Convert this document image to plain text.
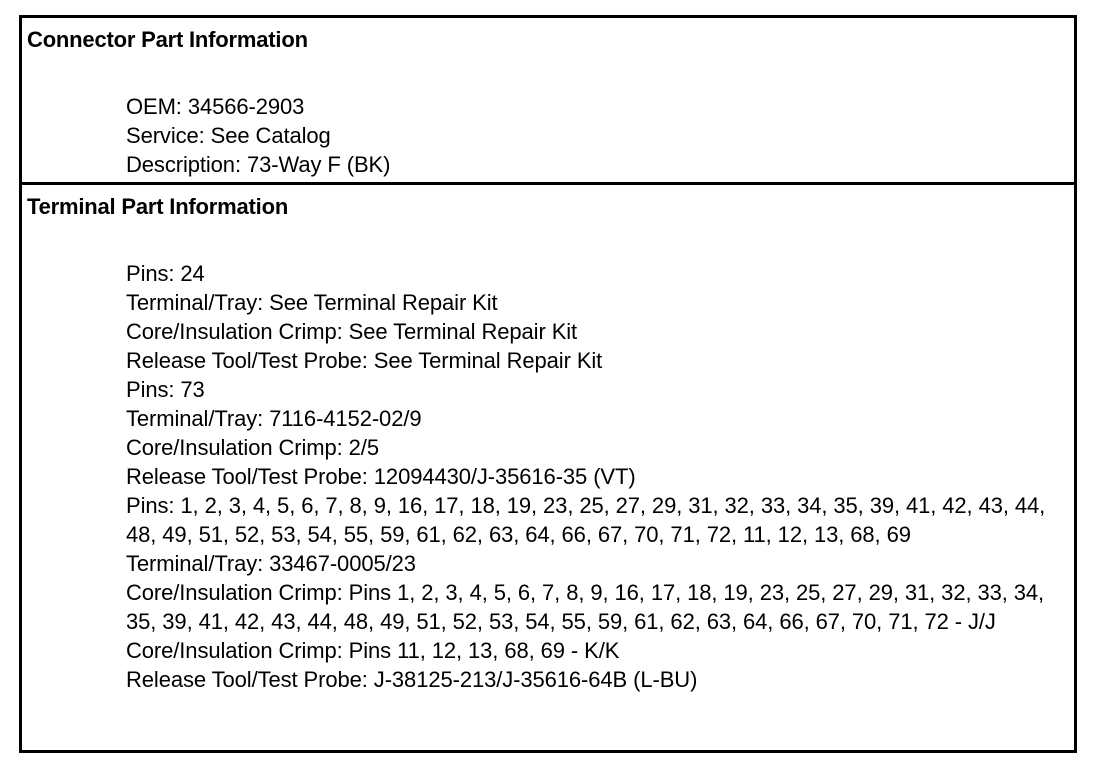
Connector Part Information
OEM: 34566-2903
Service: See Catalog
Description: 73-Way F (BK)
Terminal Part Information
Pins: 24
Terminal/Tray: See Terminal Repair Kit
Core/Insulation Crimp: See Terminal Repair Kit
Release Tool/Test Probe: See Terminal Repair Kit
Pins: 73
Terminal/Tray: 7116-4152-02/9
Core/Insulation Crimp: 2/5
Release Tool/Test Probe: 12094430/J-35616-35 (VT)
Pins: 1, 2, 3, 4, 5, 6, 7, 8, 9, 16, 17, 18, 19, 23, 25, 27, 29, 31, 32, 33, 34, 35, 39, 41, 42, 43, 44, 48, 49, 51, 52, 53, 54, 55, 59, 61, 62, 63, 64, 66, 67, 70, 71, 72, 11, 12, 13, 68, 69
Terminal/Tray: 33467-0005/23
Core/Insulation Crimp: Pins 1, 2, 3, 4, 5, 6, 7, 8, 9, 16, 17, 18, 19, 23, 25, 27, 29, 31, 32, 33, 34, 35, 39, 41, 42, 43, 44, 48, 49, 51, 52, 53, 54, 55, 59, 61, 62, 63, 64, 66, 67, 70, 71, 72 - J/J
Core/Insulation Crimp: Pins 11, 12, 13, 68, 69 - K/K
Release Tool/Test Probe: J-38125-213/J-35616-64B (L-BU)
